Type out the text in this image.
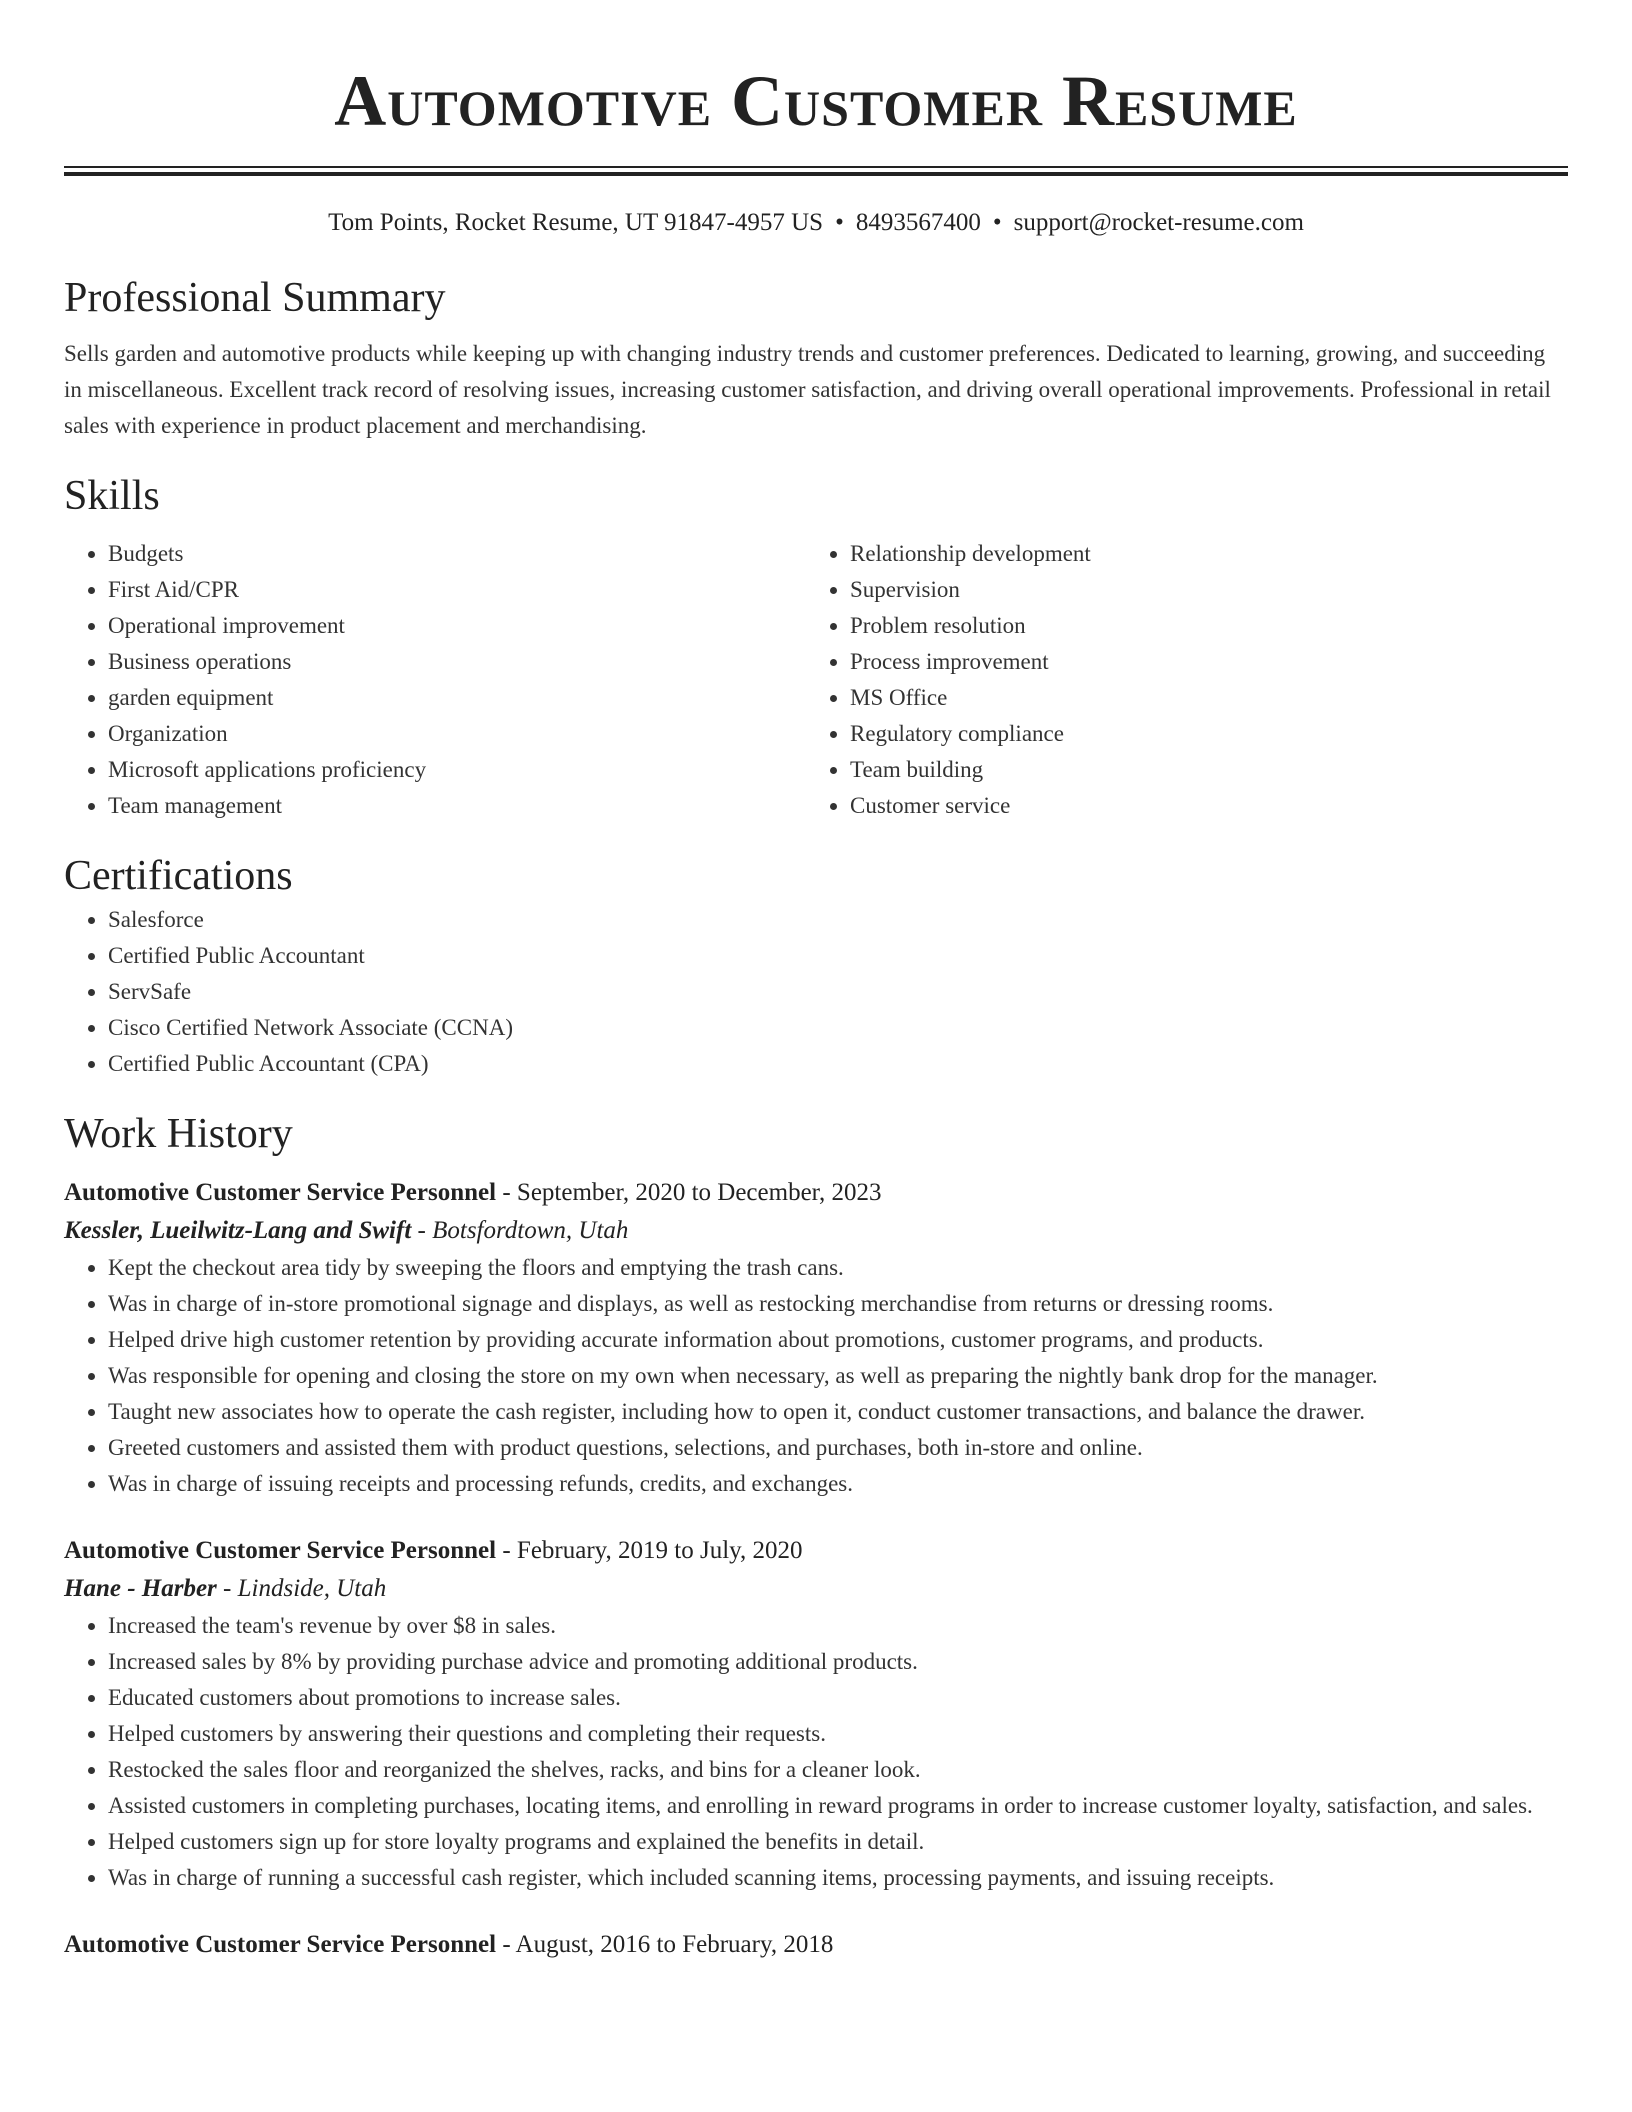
Automotive Customer Resume
Tom Points, Rocket Resume, UT 91847-4957 US • 8493567400 • support@rocket-resume.com
Professional Summary

Sells garden and automotive products while keeping up with changing industry trends and customer preferences. Dedicated to learning, growing, and succeeding in miscellaneous. Excellent track record of resolving issues, increasing customer satisfaction, and driving overall operational improvements. Professional in retail sales with experience in product placement and merchandising.

Skills
• Budgets
• First Aid/CPR
• Operational improvement
• Business operations
• garden equipment
• Organization
• Microsoft applications proficiency
• Team management
• Relationship development
• Supervision
• Problem resolution
• Process improvement
• MS Office
• Regulatory compliance
• Team building
• Customer service
Certifications
• Salesforce
• Certified Public Accountant
• ServSafe
• Cisco Certified Network Associate (CCNA)
• Certified Public Accountant (CPA)
Work History
Automotive Customer Service Personnel - September, 2020 to December, 2023
Kessler, Lueilwitz-Lang and Swift - Botsfordtown, Utah
• Kept the checkout area tidy by sweeping the floors and emptying the trash cans.
• Was in charge of in-store promotional signage and displays, as well as restocking merchandise from returns or dressing rooms.
• Helped drive high customer retention by providing accurate information about promotions, customer programs, and products.
• Was responsible for opening and closing the store on my own when necessary, as well as preparing the nightly bank drop for the manager.
• Taught new associates how to operate the cash register, including how to open it, conduct customer transactions, and balance the drawer.
• Greeted customers and assisted them with product questions, selections, and purchases, both in-store and online.
• Was in charge of issuing receipts and processing refunds, credits, and exchanges.
Automotive Customer Service Personnel - February, 2019 to July, 2020
Hane - Harber - Lindside, Utah
• Increased the team's revenue by over $8 in sales.
• Increased sales by 8% by providing purchase advice and promoting additional products.
• Educated customers about promotions to increase sales.
• Helped customers by answering their questions and completing their requests.
• Restocked the sales floor and reorganized the shelves, racks, and bins for a cleaner look.
• Assisted customers in completing purchases, locating items, and enrolling in reward programs in order to increase customer loyalty, satisfaction, and sales.
• Helped customers sign up for store loyalty programs and explained the benefits in detail.
• Was in charge of running a successful cash register, which included scanning items, processing payments, and issuing receipts.
Automotive Customer Service Personnel - August, 2016 to February, 2018
